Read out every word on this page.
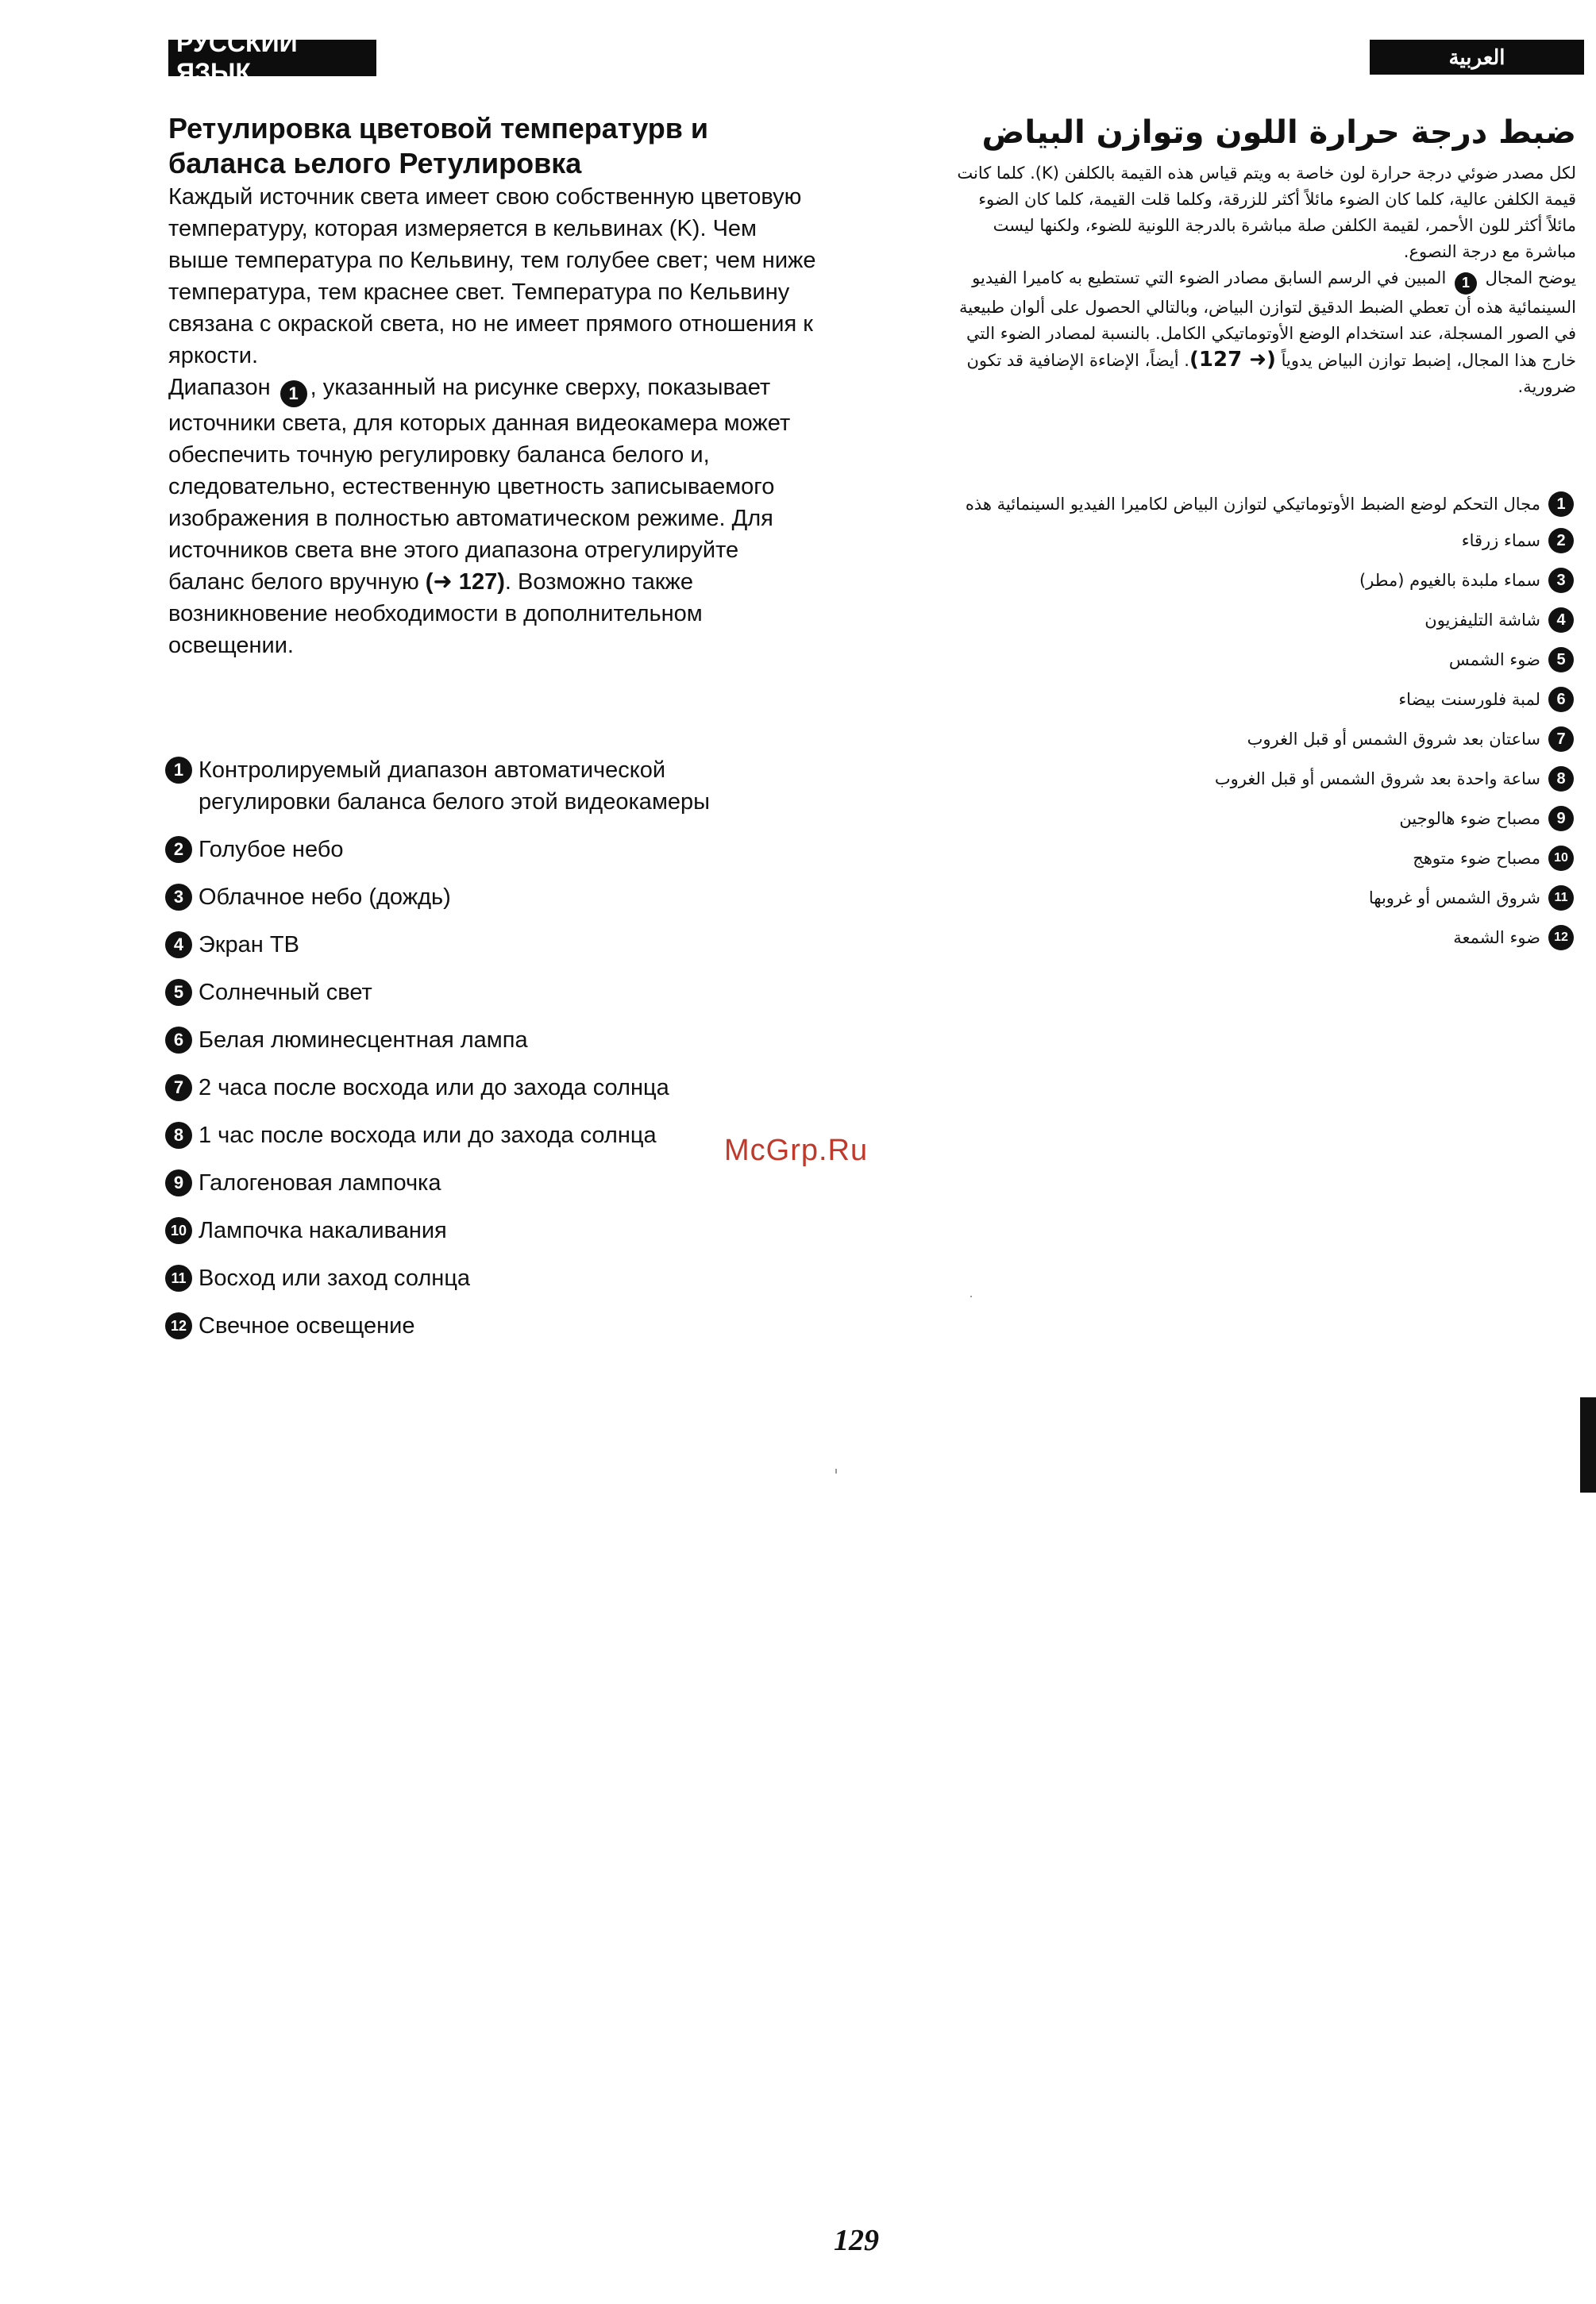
РУССКИЙ ЯЗЫК
العربية
Ретулировка цветовой температурв и
баланса ьелого Ретулировка

Каждый источник света имеет свою собственную цветовую температуру, которая измеряется в кельвинах (K). Чем выше температура по Кельвину, тем голубее свет; чем ниже температура, тем краснее свет. Температура по Кельвину связана с окраской света, но не имеет прямого отношения к яркости.

Диапазон 1 , указанный на рисунке сверху, показывает источники света, для которых данная видеокамера может обеспечить точную регулировку баланса белого и, следовательно, естественную цветность записываемого изображения в полностью автоматическом режиме. Для источников света вне этого диапазона отрегулируйте баланс белого вручную (➜ 127). Возможно также возникновение необходимости в дополнительном освещении.

1 Контролируемый диапазон автоматической регулировки баланса белого этой видеокамеры
2 Голубое небо
3 Облачное небо (дождь)
4 Экран ТВ
5 Солнечный свет
6 Белая люминесцентная лампа
7 2 часа после восхода или до захода солнца
8 1 час после восхода или до захода солнца
9 Галогеновая лампочка
10 Лампочка накаливания
11 Восход или заход солнца
12 Свечное освещение
ضبط درجة حرارة اللون وتوازن البياض

لكل مصدر ضوئي درجة حرارة لون خاصة به ويتم قياس هذه القيمة بالكلفن (K). كلما كانت قيمة الكلفن عالية، كلما كان الضوء مائلاً أكثر للزرقة، وكلما قلت القيمة، كلما كان الضوء مائلاً أكثر للون الأحمر، لقيمة الكلفن صلة مباشرة بالدرجة اللونية للضوء، ولكنها ليست مباشرة مع درجة النصوع.

يوضح المجال 1 المبين في الرسم السابق مصادر الضوء التي تستطيع به كاميرا الفيديو السينمائية هذه أن تعطي الضبط الدقيق لتوازن البياض، وبالتالي الحصول على ألوان طبيعية في الصور المسجلة، عند استخدام الوضع الأوتوماتيكي الكامل. بالنسبة لمصادر الضوء التي خارج هذا المجال، إضبط توازن البياض يدوياً (➜ 127). أيضاً، الإضاءة الإضافية قد تكون ضرورية.

1
مجال التحكم لوضع الضبط الأوتوماتيكي لتوازن البياض لكاميرا الفيديو السينمائية هذه
2
سماء زرقاء
3
سماء ملبدة بالغيوم (مطر)
4
شاشة التليفزيون
5
ضوء الشمس
6
لمبة فلورسنت بيضاء
7
ساعتان بعد شروق الشمس أو قبل الغروب
8
ساعة واحدة بعد شروق الشمس أو قبل الغروب
9
مصباح ضوء هالوجين
10
مصباح ضوء متوهج
11
شروق الشمس أو غروبها
12
ضوء الشمعة
McGrp.Ru
129
